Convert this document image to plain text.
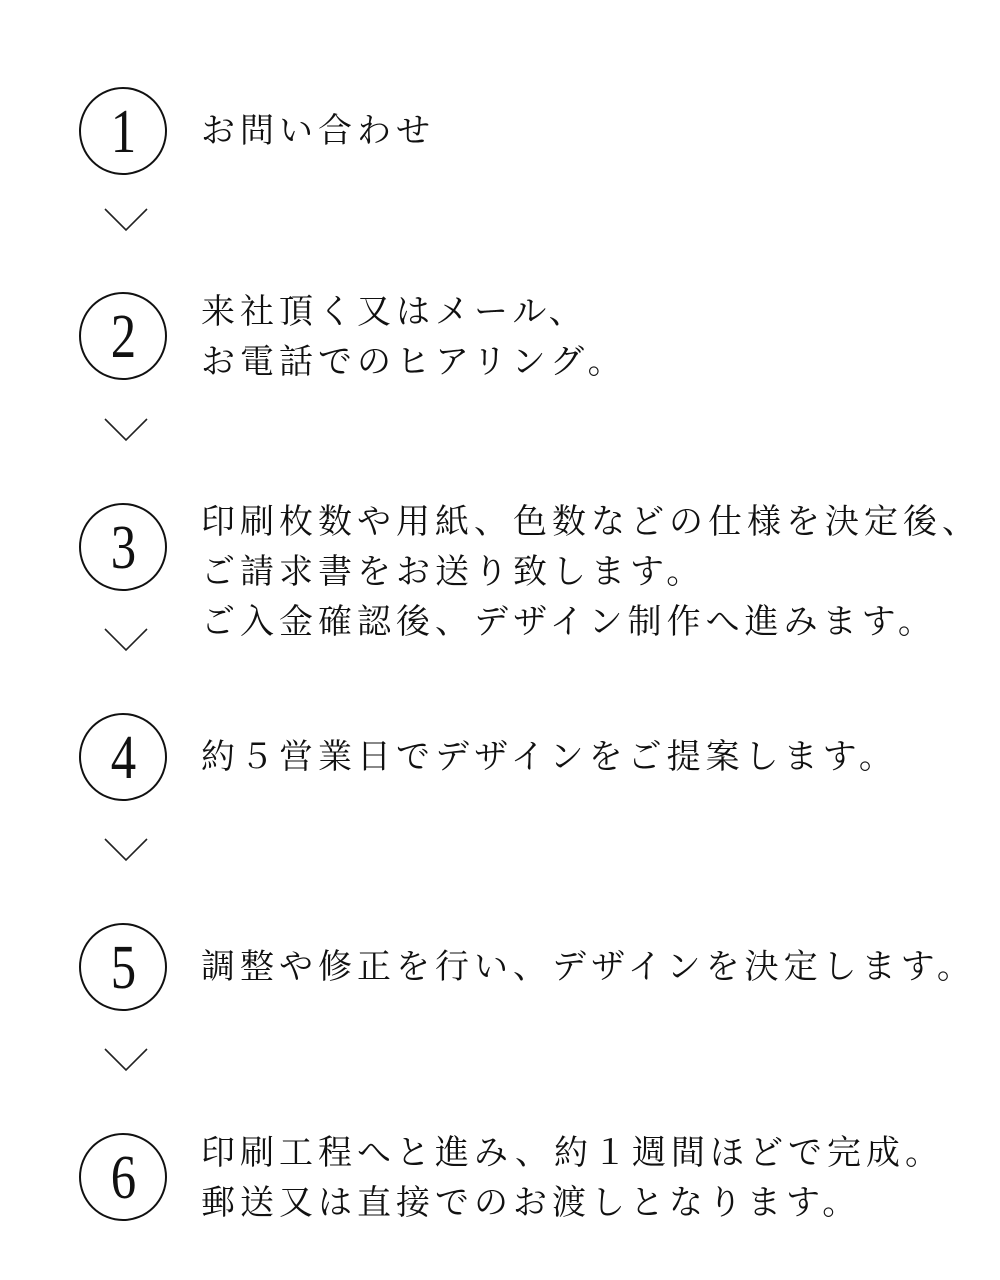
1 お問い合わせ
2 来社頂く又はメール、
お電話でのヒアリング。
3 印刷枚数や用紙、色数などの仕様を決定後、
ご請求書をお送り致します。
ご入金確認後、デザイン制作へ進みます。
4 約５営業日でデザインをご提案します。
5 調整や修正を行い、デザインを決定します。
6 印刷工程へと進み、約１週間ほどで完成。
郵送又は直接でのお渡しとなります。
